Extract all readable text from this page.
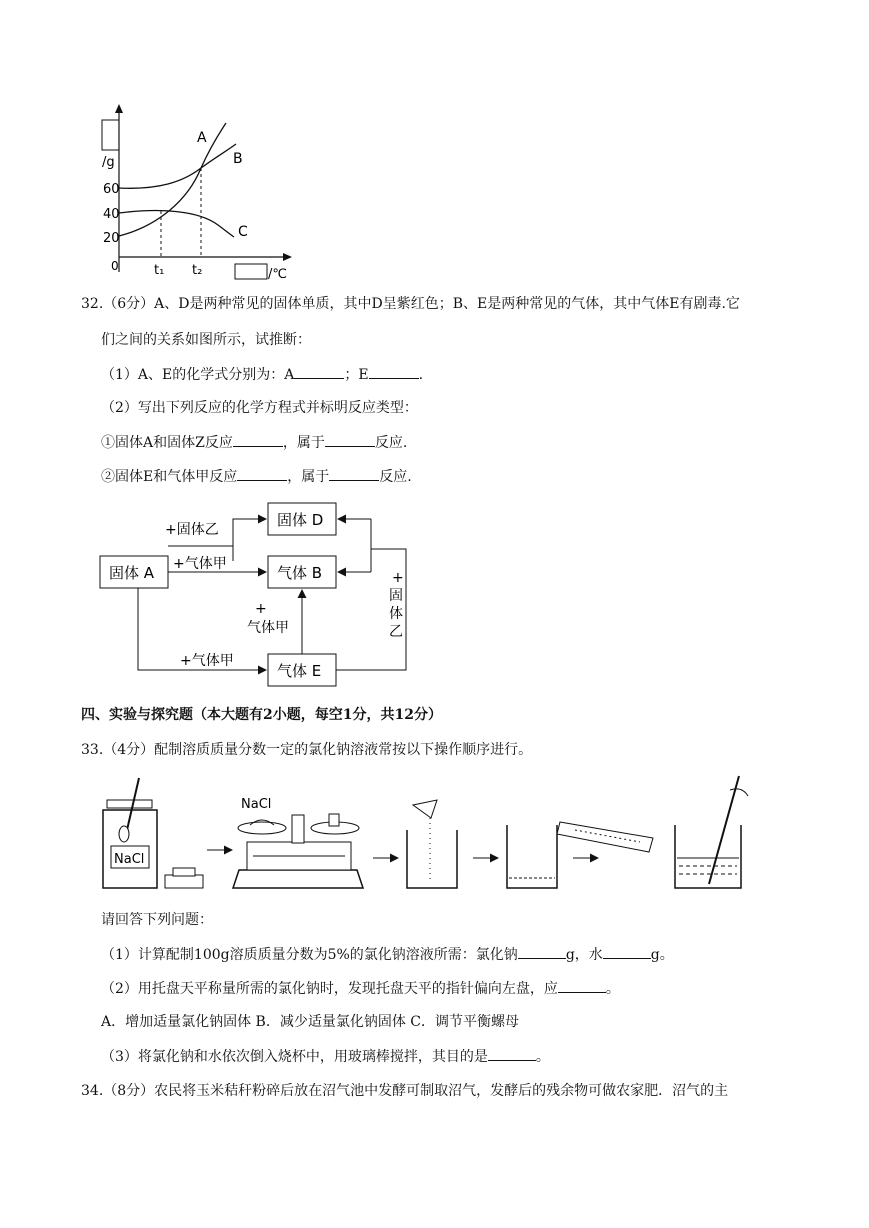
/g
60
40
20
0	t₁ t₂	/℃
A
B
C
32.（6分）A、D是两种常见的固体单质，其中D呈紫红色；B、E是两种常见的气体，其中气体E有剧毒.它
们之间的关系如图所示，试推断：
（1）A、E的化学式分别为：A	；E	.
（2）写出下列反应的化学方程式并标明反应类型：
①固体A和固体Z反应	，属于	反应.
②固体E和气体甲反应	，属于	反应.
固体 D
固体 A	气体 B
气体 E
+固体乙
+气体甲
+气体甲
+
气体甲
+
固
体
乙
四、实验与探究题（本大题有2小题，每空1分，共12分）
33.（4分）配制溶质质量分数一定的氯化钠溶液常按以下操作顺序进行。
NaCl
NaCl
请回答下列问题：
（1）计算配制100g溶质质量分数为5%的氯化钠溶液所需：氯化钠	g，水	g。
（2）用托盘天平称量所需的氯化钠时，发现托盘天平的指针偏向左盘，应	。
A．增加适量氯化钠固体 B．减少适量氯化钠固体 C．调节平衡螺母
（3）将氯化钠和水依次倒入烧杯中，用玻璃棒搅拌，其目的是	。
34.（8分）农民将玉米秸秆粉碎后放在沼气池中发酵可制取沼气，发酵后的残余物可做农家肥．沼气的主
